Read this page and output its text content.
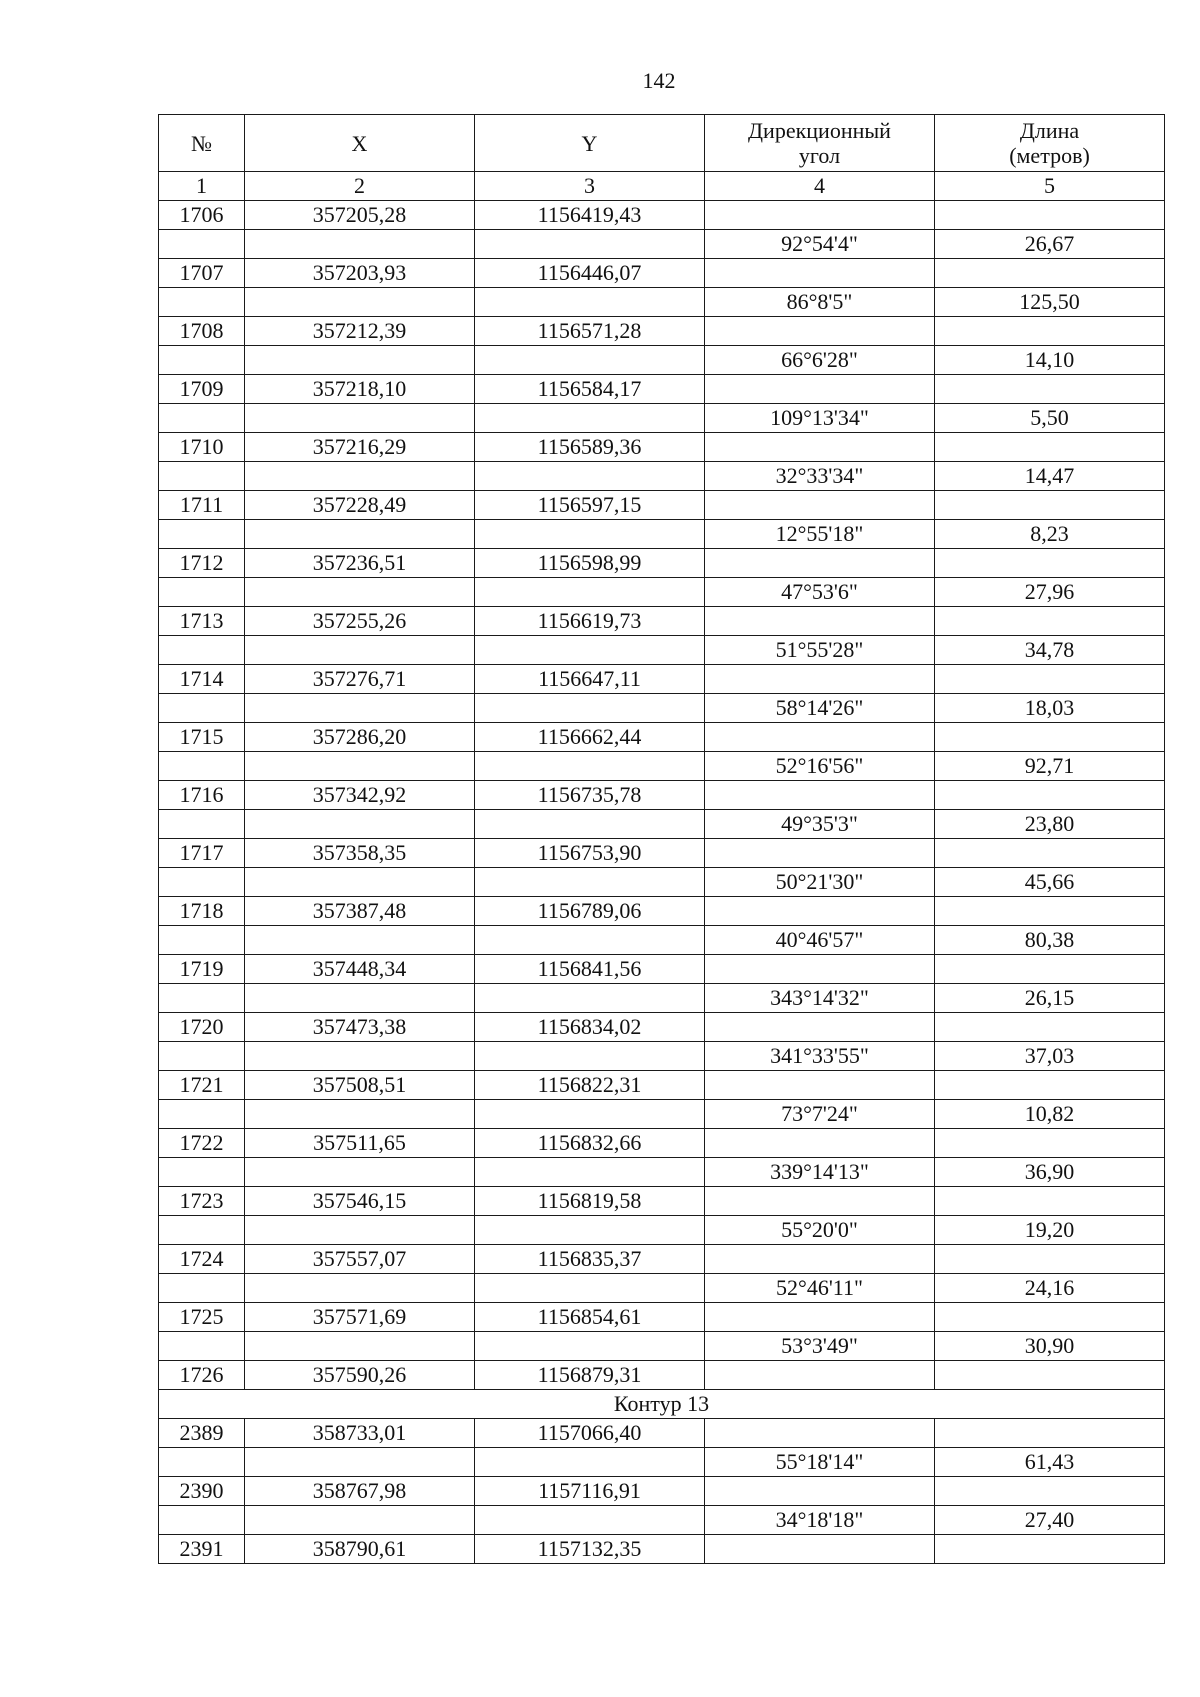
142
№	X	Y	Дирекционный
угол	Длина
(метров)
1	2	3	4	5
1706	357205,28	1156419,43		
			92°54'4"	26,67
1707	357203,93	1156446,07		
			86°8'5"	125,50
1708	357212,39	1156571,28		
			66°6'28"	14,10
1709	357218,10	1156584,17		
			109°13'34"	5,50
1710	357216,29	1156589,36		
			32°33'34"	14,47
1711	357228,49	1156597,15		
			12°55'18"	8,23
1712	357236,51	1156598,99		
			47°53'6"	27,96
1713	357255,26	1156619,73		
			51°55'28"	34,78
1714	357276,71	1156647,11		
			58°14'26"	18,03
1715	357286,20	1156662,44		
			52°16'56"	92,71
1716	357342,92	1156735,78		
			49°35'3"	23,80
1717	357358,35	1156753,90		
			50°21'30"	45,66
1718	357387,48	1156789,06		
			40°46'57"	80,38
1719	357448,34	1156841,56		
			343°14'32"	26,15
1720	357473,38	1156834,02		
			341°33'55"	37,03
1721	357508,51	1156822,31		
			73°7'24"	10,82
1722	357511,65	1156832,66		
			339°14'13"	36,90
1723	357546,15	1156819,58		
			55°20'0"	19,20
1724	357557,07	1156835,37		
			52°46'11"	24,16
1725	357571,69	1156854,61		
			53°3'49"	30,90
1726	357590,26	1156879,31		
Контур 13				
2389	358733,01	1157066,40		
			55°18'14"	61,43
2390	358767,98	1157116,91		
			34°18'18"	27,40
2391	358790,61	1157132,35		
